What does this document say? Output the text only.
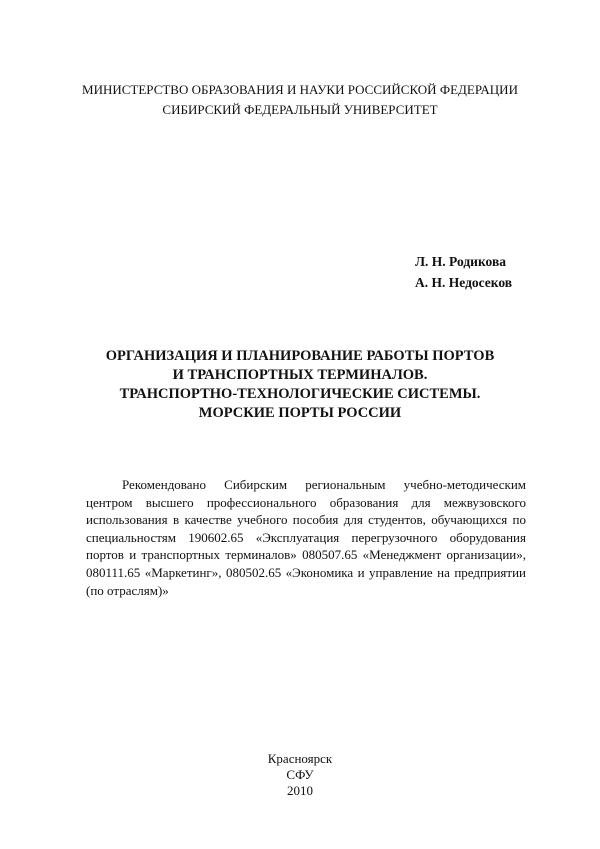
МИНИСТЕРСТВО ОБРАЗОВАНИЯ И НАУКИ РОССИЙСКОЙ ФЕДЕРАЦИИ
СИБИРСКИЙ ФЕДЕРАЛЬНЫЙ УНИВЕРСИТЕТ
Л. Н. Родикова
А. Н. Недосеков
ОРГАНИЗАЦИЯ И ПЛАНИРОВАНИЕ РАБОТЫ ПОРТОВ
И ТРАНСПОРТНЫХ ТЕРМИНАЛОВ.
ТРАНСПОРТНО-ТЕХНОЛОГИЧЕСКИЕ СИСТЕМЫ.
МОРСКИЕ ПОРТЫ РОССИИ

Рекомендовано Сибирским региональным учебно-методическим центром высшего профессионального образования для межвузовского использования в качестве учебного пособия для студентов, обучающихся по специальностям 190602.65 «Эксплуатация перегрузочного оборудования портов и транспортных терминалов» 080507.65 «Менеджмент организации», 080111.65 «Маркетинг», 080502.65 «Экономика и управление на предприятии (по отраслям)»

Красноярск
СФУ
2010
